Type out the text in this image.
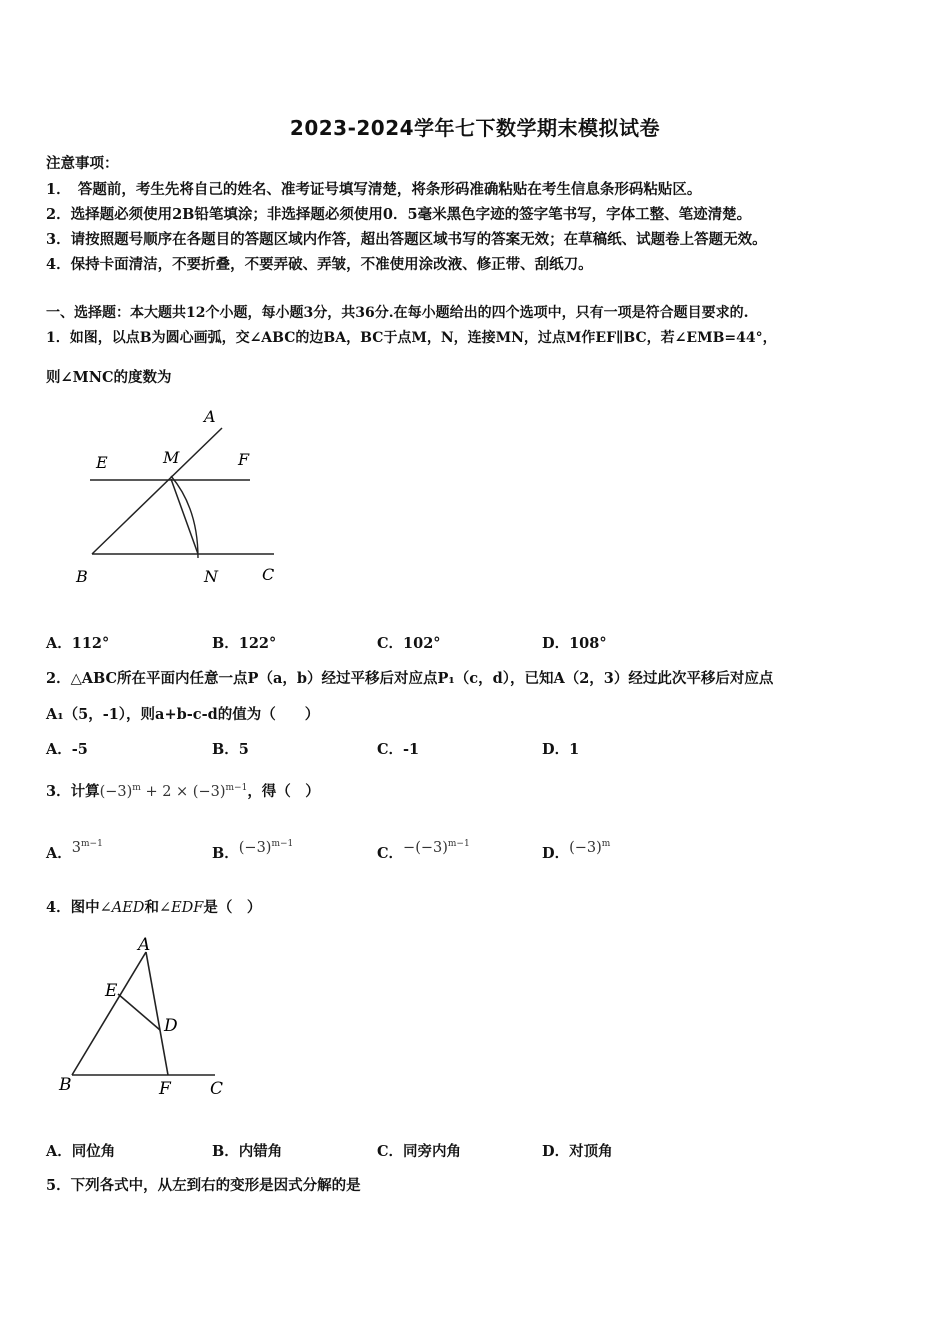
2023-2024学年七下数学期末模拟试卷
注意事项：
1．　答题前，考生先将自己的姓名、准考证号填写清楚，将条形码准确粘贴在考生信息条形码粘贴区。
2．选择题必须使用2B铅笔填涂；非选择题必须使用0．5毫米黑色字迹的签字笔书写，字体工整、笔迹清楚。
3．请按照题号顺序在各题目的答题区域内作答，超出答题区域书写的答案无效；在草稿纸、试题卷上答题无效。
4．保持卡面清洁，不要折叠，不要弄破、弄皱，不准使用涂改液、修正带、刮纸刀。
一、选择题：本大题共12个小题，每小题3分，共36分.在每小题给出的四个选项中，只有一项是符合题目要求的.
1．如图，以点B为圆心画弧，交∠ABC的边BA，BC于点M，N，连接MN，过点M作EF∥BC，若∠EMB=44°，
则∠MNC的度数为
A
E	M	F
B	N	C
A．112°	B．122°	C．102°	D．108°
2．△ABC所在平面内任意一点P（a，b）经过平移后对应点P₁（c，d），已知A（2，3）经过此次平移后对应点
A₁（5，-1），则a+b-c-d的值为（　　）
A．-5	B．5	C．-1	D．1
3．计算$(-3)^m + 2 \times (-3)^{m-1}$，得（　）
A．$3^{m-1}$
B．$(-3)^{m-1}$
C．$-(-3)^{m-1}$
D．$(-3)^m$
4．图中∠AED和∠EDF是（　）
A
E
D
B	F C
A．同位角	B．内错角	C．同旁内角	D．对顶角
5．下列各式中，从左到右的变形是因式分解的是
